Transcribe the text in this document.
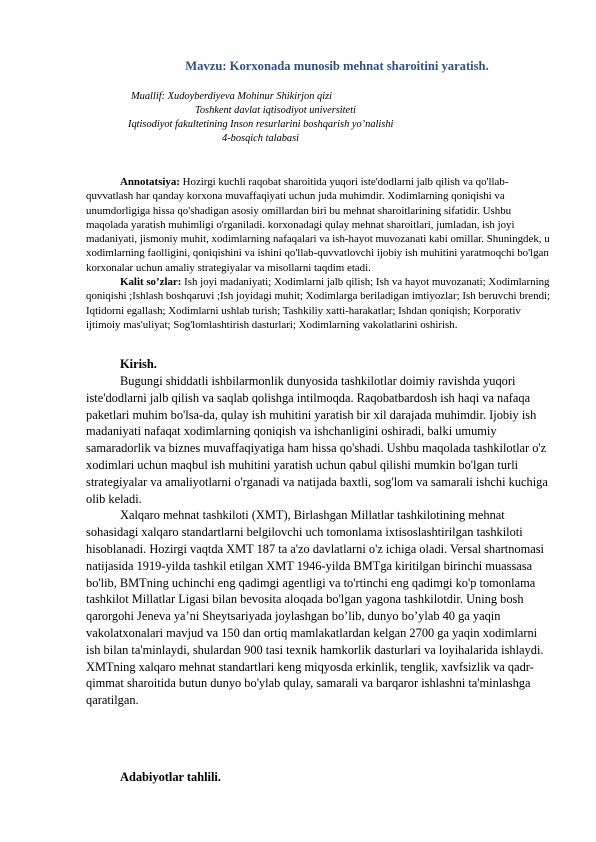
Mavzu: Korxonada munosib mehnat sharoitini yaratish.

Muallif: Xudoyberdiyeva Mohinur Shikirjon qizi

Toshkent davlat iqtisodiyot universiteti

Iqtisodiyot fakultetining Inson resurlarini boshqarish yo’nalishi

4-bosqich talabasi

Annotatsiya: Hozirgi kuchli raqobat sharoitida yuqori iste'dodlarni jalb qilish va qo'llab-quvvatlash har qanday korxona muvaffaqiyati uchun juda muhimdir. Xodimlarning qoniqishi va unumdorligiga hissa qo'shadigan asosiy omillardan biri bu mehnat sharoitlarining sifatidir. Ushbu maqolada yaratish muhimligi o'rganiladi. korxonadagi qulay mehnat sharoitlari, jumladan, ish joyi madaniyati, jismoniy muhit, xodimlarning nafaqalari va ish-hayot muvozanati kabi omillar. Shuningdek, u xodimlarning faolligini, qoniqishini va ishini qo'llab-quvvatlovchi ijobiy ish muhitini yaratmoqchi bo'lgan korxonalar uchun amaliy strategiyalar va misollarni taqdim etadi.

Kalit so’zlar: Ish joyi madaniyati; Xodimlarni jalb qilish; Ish va hayot muvozanati; Xodimlarning qoniqishi ;Ishlash boshqaruvi ;Ish joyidagi muhit; Xodimlarga beriladigan imtiyozlar; Ish beruvchi brendi; Iqtidorni egallash; Xodimlarni ushlab turish; Tashkiliy xatti-harakatlar; Ishdan qoniqish; Korporativ ijtimoiy mas'uliyat; Sog'lomlashtirish dasturlari; Xodimlarning vakolatlarini oshirish.

Kirish.

Bugungi shiddatli ishbilarmonlik dunyosida tashkilotlar doimiy ravishda yuqori iste'dodlarni jalb qilish va saqlab qolishga intilmoqda. Raqobatbardosh ish haqi va nafaqa paketlari muhim bo'lsa-da, qulay ish muhitini yaratish bir xil darajada muhimdir. Ijobiy ish madaniyati nafaqat xodimlarning qoniqish va ishchanligini oshiradi, balki umumiy samaradorlik va biznes muvaffaqiyatiga ham hissa qo'shadi. Ushbu maqolada tashkilotlar o'z xodimlari uchun maqbul ish muhitini yaratish uchun qabul qilishi mumkin bo'lgan turli strategiyalar va amaliyotlarni o'rganadi va natijada baxtli, sog'lom va samarali ishchi kuchiga olib keladi.

Xalqaro mehnat tashkiloti (XMT), Birlashgan Millatlar tashkilotining mehnat sohasidagi xalqaro standartlarni belgilovchi uch tomonlama ixtisoslashtirilgan tashkiloti hisoblanadi. Hozirgi vaqtda XMT 187 ta a'zo davlatlarni o'z ichiga oladi. Versal shartnomasi natijasida 1919-yilda tashkil etilgan XMT 1946-yilda BMTga kiritilgan birinchi muassasa bo'lib, BMTning uchinchi eng qadimgi agentligi va to'rtinchi eng qadimgi ko'p tomonlama tashkilot Millatlar Ligasi bilan bevosita aloqada bo'lgan yagona tashkilotdir. Uning bosh qarorgohi Jeneva ya’ni Sheytsariyada joylashgan bo’lib, dunyo bo’ylab 40 ga yaqin vakolatxonalari mavjud va 150 dan ortiq mamlakatlardan kelgan 2700 ga yaqin xodimlarni ish bilan ta'minlaydi, shulardan 900 tasi texnik hamkorlik dasturlari va loyihalarida ishlaydi. XMTning xalqaro mehnat standartlari keng miqyosda erkinlik, tenglik, xavfsizlik va qadr-qimmat sharoitida butun dunyo bo'ylab qulay, samarali va barqaror ishlashni ta'minlashga qaratilgan.

Adabiyotlar tahlili.
